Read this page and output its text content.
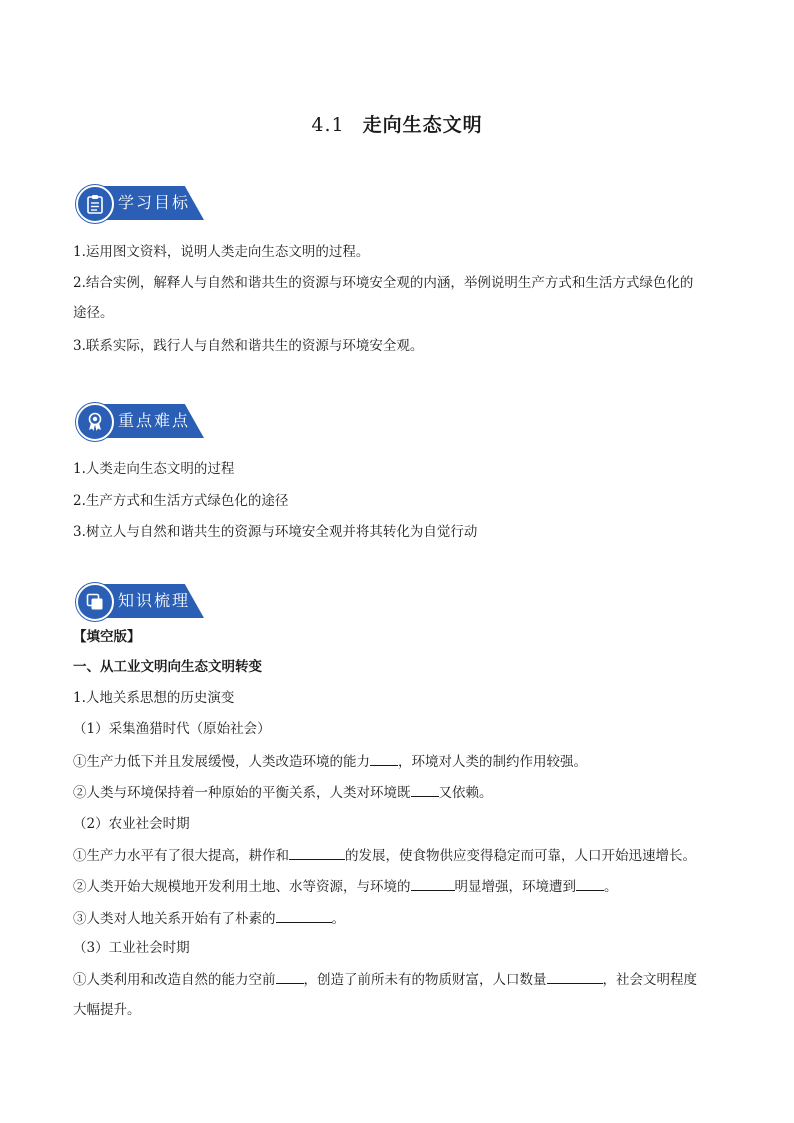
4.1 走向生态文明
学习目标
1.运用图文资料，说明人类走向生态文明的过程。
2.结合实例，解释人与自然和谐共生的资源与环境安全观的内涵，举例说明生产方式和生活方式绿色化的
途径。
3.联系实际，践行人与自然和谐共生的资源与环境安全观。
重点难点
1.人类走向生态文明的过程
2.生产方式和生活方式绿色化的途径
3.树立人与自然和谐共生的资源与环境安全观并将其转化为自觉行动
知识梳理
【填空版】
一、从工业文明向生态文明转变
1.人地关系思想的历史演变
（1）采集渔猎时代（原始社会）
①生产力低下并且发展缓慢，人类改造环境的能力 ，环境对人类的制约作用较强。
②人类与环境保持着一种原始的平衡关系，人类对环境既 又依赖。
（2）农业社会时期
①生产力水平有了很大提高，耕作和	的发展，使食物供应变得稳定而可靠，人口开始迅速增长。
②人类开始大规模地开发利用土地、水等资源，与环境的	明显增强，环境遭到 。
③人类对人地关系开始有了朴素的	。
（3）工业社会时期
①人类利用和改造自然的能力空前 ，创造了前所未有的物质财富，人口数量	，社会文明程度
大幅提升。
